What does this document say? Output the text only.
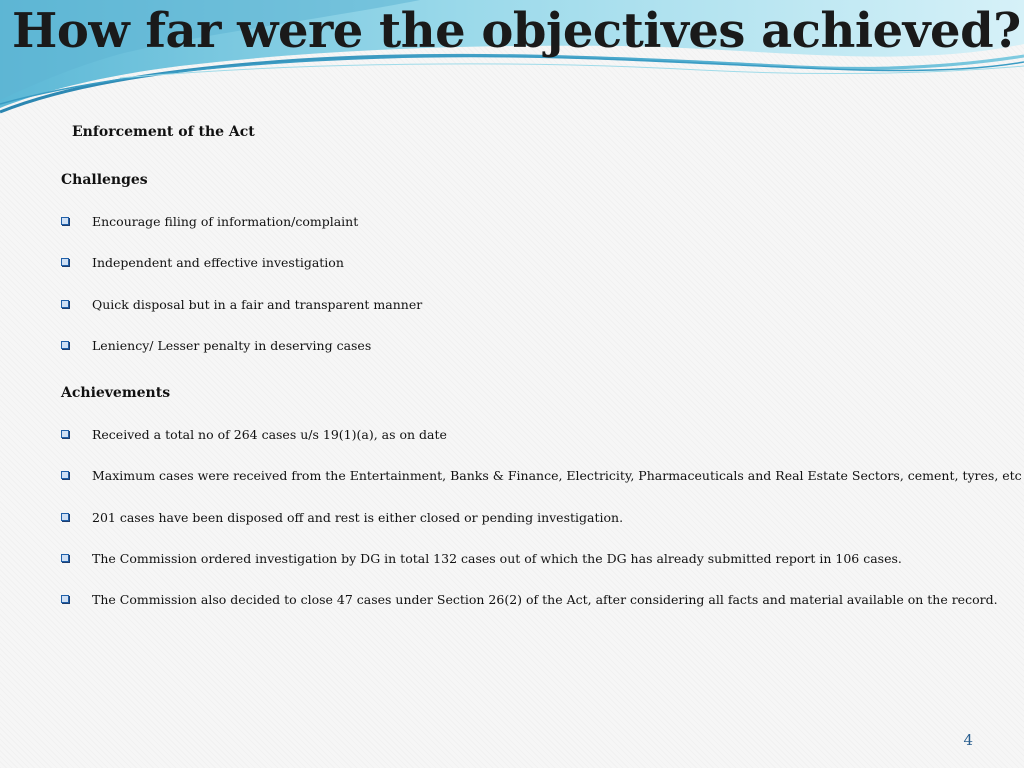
How far were the objectives achieved?

Enforcement of the Act

Challenges

Encourage filing of information/complaint
Independent and effective investigation
Quick disposal but in a fair and transparent manner
Leniency/ Lesser penalty in deserving cases

Achievements

Received a total no of 264 cases u/s 19(1)(a), as on date
Maximum cases were received from the Entertainment, Banks & Finance, Electricity, Pharmaceuticals and Real Estate Sectors, cement, tyres, etc
201 cases have been disposed off and rest is either closed or pending investigation.
The Commission ordered investigation by DG in total 132 cases out of which the DG has already submitted report in 106 cases.
The Commission also decided to close 47 cases under Section 26(2) of the Act, after considering all facts and material available on the record.
4
